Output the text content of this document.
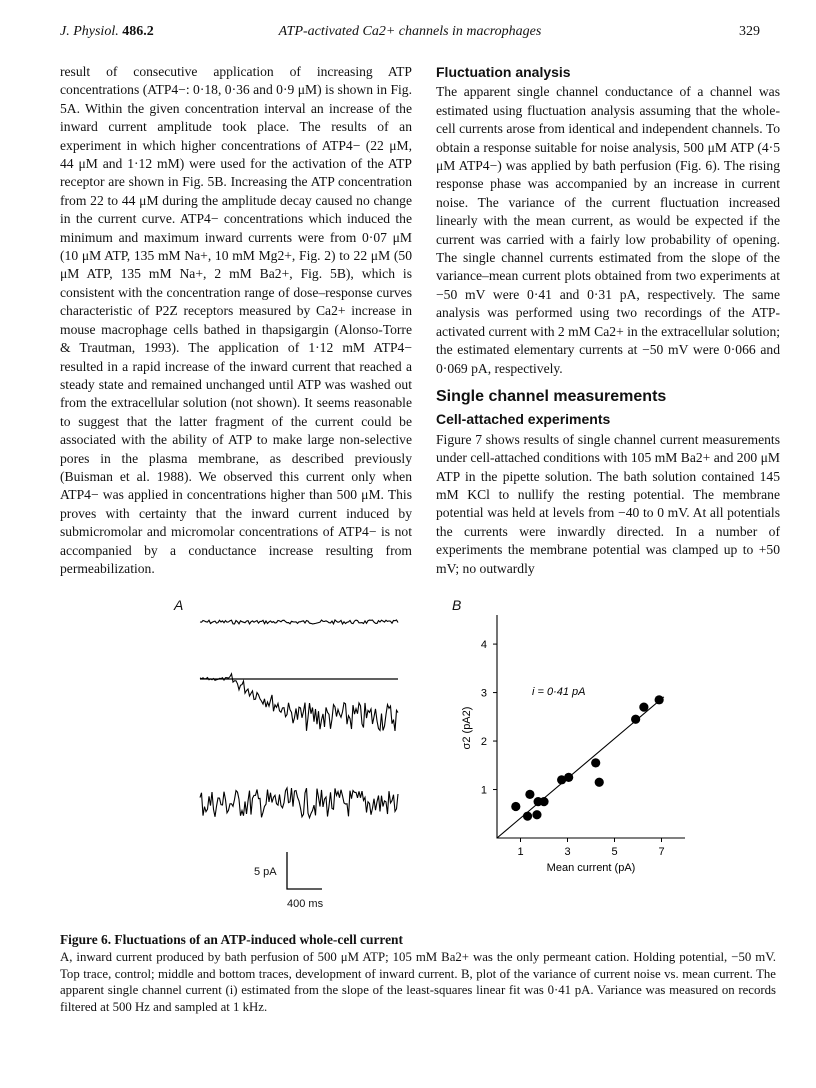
J. Physiol. 486.2	ATP-activated Ca2+ channels in macrophages	329

result of consecutive application of increasing ATP concentrations (ATP4−: 0·18, 0·36 and 0·9 μM) is shown in Fig. 5A. Within the given concentration interval an increase of the inward current amplitude took place. The results of an experiment in which higher concentrations of ATP4− (22 μM, 44 μM and 1·12 mM) were used for the activation of the ATP receptor are shown in Fig. 5B. Increasing the ATP concentration from 22 to 44 μM during the amplitude decay caused no change in the current curve. ATP4− concentrations which induced the minimum and maximum inward currents were from 0·07 μM (10 μM ATP, 135 mM Na+, 10 mM Mg2+, Fig. 2) to 22 μM (50 μM ATP, 135 mM Na+, 2 mM Ba2+, Fig. 5B), which is consistent with the concentration range of dose–response curves characteristic of P2Z receptors measured by Ca2+ increase in mouse macrophage cells bathed in thapsigargin (Alonso-Torre & Trautman, 1993). The application of 1·12 mM ATP4− resulted in a rapid increase of the inward current that reached a steady state and remained unchanged until ATP was washed out from the extracellular solution (not shown). It seems reasonable to suggest that the latter fragment of the current could be associated with the ability of ATP to make large non-selective pores in the plasma membrane, as described previously (Buisman et al. 1988). We observed this current only when ATP4− was applied in concentrations higher than 500 μM. This proves with certainty that the inward current induced by submicromolar and micromolar concentrations of ATP4− is not accompanied by a conductance increase resulting from permeabilization.

Fluctuation analysis

The apparent single channel conductance of a channel was estimated using fluctuation analysis assuming that the whole-cell currents arose from identical and independent channels. To obtain a response suitable for noise analysis, 500 μM ATP (4·5 μM ATP4−) was applied by bath perfusion (Fig. 6). The rising response phase was accompanied by an increase in current noise. The variance of the current fluctuation increased linearly with the mean current, as would be expected if the current was carried with a fairly low probability of opening. The single channel currents estimated from the slope of the variance–mean current plots obtained from two experiments at −50 mV were 0·41 and 0·31 pA, respectively. The same analysis was performed using two recordings of the ATP-activated current with 2 mM Ca2+ in the extracellular solution; the estimated elementary currents at −50 mV were 0·066 and 0·069 pA, respectively.

Single channel measurements
Cell-attached experiments

Figure 7 shows results of single channel current measurements under cell-attached conditions with 105 mM Ba2+ and 200 μM ATP in the pipette solution. The bath solution contained 145 mM KCl to nullify the resting potential. The membrane potential was held at levels from −40 to 0 mV. At all potentials the currents were inwardly directed. In a number of experiments the membrane potential was clamped up to +50 mV; no outwardly

A	B
1
2
3
4
1	3	5	7
i = 0·41 pA
σ2 (pA2)
Mean current (pA)
5 pA
400 ms

Figure 6. Fluctuations of an ATP-induced whole-cell current

A, inward current produced by bath perfusion of 500 μM ATP; 105 mM Ba2+ was the only permeant cation. Holding potential, −50 mV. Top trace, control; middle and bottom traces, development of inward current. B, plot of the variance of current noise vs. mean current. The apparent single channel current (i) estimated from the slope of the least-squares linear fit was 0·41 pA. Variance was measured on records filtered at 500 Hz and sampled at 1 kHz.
